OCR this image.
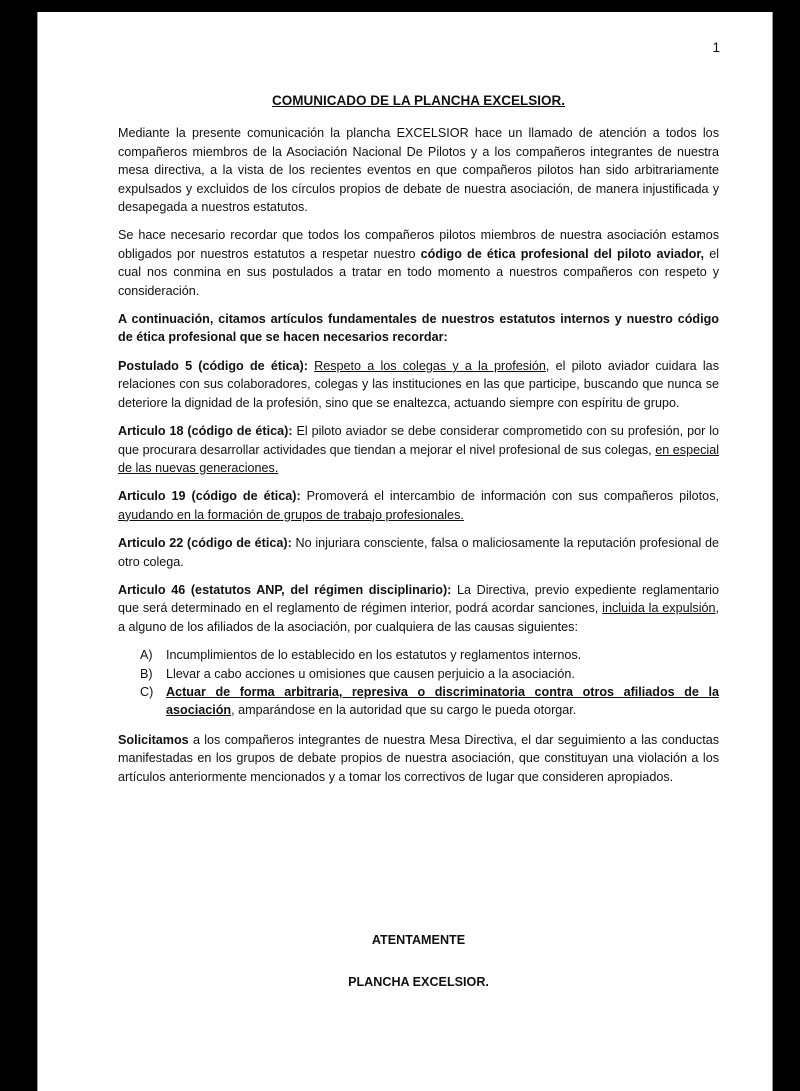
1
COMUNICADO DE LA PLANCHA EXCELSIOR.

Mediante la presente comunicación la plancha EXCELSIOR hace un llamado de atención a todos los compañeros miembros de la Asociación Nacional De Pilotos y a los compañeros integrantes de nuestra mesa directiva, a la vista de los recientes eventos en que compañeros pilotos han sido arbitrariamente expulsados y excluidos de los círculos propios de debate de nuestra asociación, de manera injustificada y desapegada a nuestros estatutos.

Se hace necesario recordar que todos los compañeros pilotos miembros de nuestra asociación estamos obligados por nuestros estatutos a respetar nuestro código de ética profesional del piloto aviador, el cual nos conmina en sus postulados a tratar en todo momento a nuestros compañeros con respeto y consideración.

A continuación, citamos artículos fundamentales de nuestros estatutos internos y nuestro código de ética profesional que se hacen necesarios recordar:

Postulado 5 (código de ética): Respeto a los colegas y a la profesión, el piloto aviador cuidara las relaciones con sus colaboradores, colegas y las instituciones en las que participe, buscando que nunca se deteriore la dignidad de la profesión, sino que se enaltezca, actuando siempre con espíritu de grupo.

Articulo 18 (código de ética): El piloto aviador se debe considerar comprometido con su profesión, por lo que procurara desarrollar actividades que tiendan a mejorar el nivel profesional de sus colegas, en especial de las nuevas generaciones.

Articulo 19 (código de ética): Promoverá el intercambio de información con sus compañeros pilotos, ayudando en la formación de grupos de trabajo profesionales.

Articulo 22 (código de ética): No injuriara consciente, falsa o maliciosamente la reputación profesional de otro colega.

Articulo 46 (estatutos ANP, del régimen disciplinario): La Directiva, previo expediente reglamentario que será determinado en el reglamento de régimen interior, podrá acordar sanciones, incluida la expulsión, a alguno de los afiliados de la asociación, por cualquiera de las causas siguientes:

A) Incumplimientos de lo establecido en los estatutos y reglamentos internos.
B) Llevar a cabo acciones u omisiones que causen perjuicio a la asociación.
C) Actuar de forma arbitraria, represiva o discriminatoria contra otros afiliados de la asociación, amparándose en la autoridad que su cargo le pueda otorgar.

Solicitamos a los compañeros integrantes de nuestra Mesa Directiva, el dar seguimiento a las conductas manifestadas en los grupos de debate propios de nuestra asociación, que constituyan una violación a los artículos anteriormente mencionados y a tomar los correctivos de lugar que consideren apropiados.

ATENTAMENTE
PLANCHA EXCELSIOR.
